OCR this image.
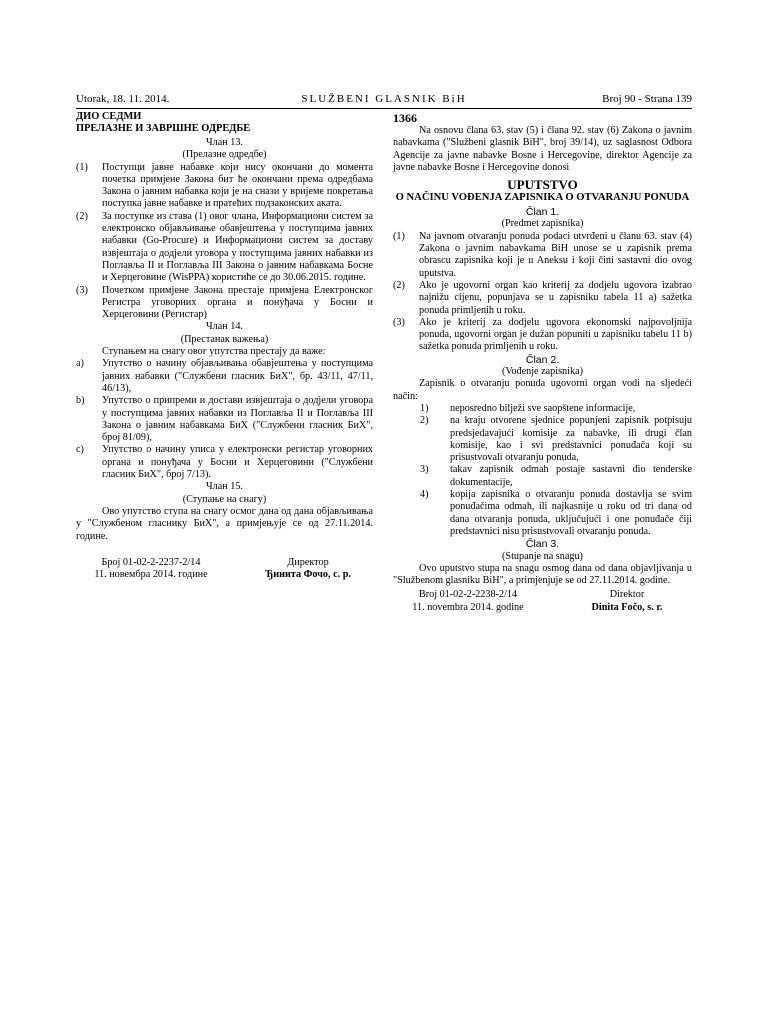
Utorak, 18. 11. 2014.	SLUŽBENI GLASNIK BiH	Broj 90 - Strana 139

ДИО СЕДМИ

ПРЕЛАЗНЕ И ЗАВРШНЕ ОДРЕДБЕ

Члан 13.

(Прелазне одредбе)

(1)	Поступци јавне набавке који нису окончани до момента почетка примјене Закона бит ће окончани према одредбама Закона о јавним набавка који је на снази у вријеме покретања поступка јавне набавке и пратећих подзаконских аката.
(2)	За поступке из става (1) овог члана, Информациони систем за електронско објављивање обавјештења у поступцима јавних набавки (Go-Procure) и Информациони систем за доставу извјештаја о додјели уговора у поступцима јавних набавки из Поглавља II и Поглавља III Закона о јавним набавкама Босне и Херцеговине (WisPPA) користиће се до 30.06.2015. године.
(3)	Почетком примјене Закона престаје примјена Електронског Регистра уговорних органа и понуђача у Босни и Херцеговини (Регистар)

Члан 14.

(Престанак важења)

Ступањем на снагу овог упутства престају да важе:

a)	Упутство о начину објављивања обавјештења у поступцима јавних набавки ("Службени гласник БиХ", бр. 43/11, 47/11, 46/13),
b)	Упутство о припреми и достави извјештаја о додјели уговора у поступцима јавних набавки из Поглавља II и Поглавља III Закона о јавним набавкама БиХ ("Службени гласник БиХ", број 81/09),
c)	Упутство о начину уписа у електронски регистар уговорних органа и понуђача у Босни и Херцеговини ("Службени гласник БиХ", број 7/13).

Члан 15.

(Ступање на снагу)

Ово упутство ступа на снагу осмог дана од дана објављивања у "Службеном гласнику БиХ", а примјењује се од 27.11.2014. године.

Број 01-02-2-2237-2/14

11. новембра 2014. године

Директор

Ђинита Фочо, с. р.

1366

Na osnovu člana 63. stav (5) i člana 92. stav (6) Zakona o javnim nabavkama ("Službeni glasnik BiH", broj 39/14), uz saglasnost Odbora Agencije za javne nabavke Bosne i Hercegovine, direktor Agencije za javne nabavke Bosne i Hercegovine donosi

UPUTSTVO

O NAČINU VOĐENJA ZAPISNIKA O OTVARANJU PONUDA

Član 1.

(Predmet zapisnika)

(1)	Na javnom otvaranju ponuda podaci utvrđeni u članu 63. stav (4) Zakona o javnim nabavkama BiH unose se u zapisnik prema obrascu zapisnika koji je u Aneksu i koji čini sastavni dio ovog uputstva.
(2)	Ako je ugovorni organ kao kriterij za dodjelu ugovora izabrao najnižu cijenu, popunjava se u zapisniku tabela 11 a) sažetka ponuda primljenih u roku.
(3)	Ako je kriterij za dodjelu ugovora ekonomski najpovoljnija ponuda, ugovorni organ je dužan popuniti u zapisniku tabelu 11 b) sažetka ponuda primljenih u roku.

Član 2.

(Vođenje zapisnika)

Zapisnik o otvaranju ponuda ugovorni organ vodi na sljedeći način:

1)	neposredno bilježi sve saopštene informacije,
2)	na kraju otvorene sjednice popunjeni zapisnik potpisuju predsjedavajući komisije za nabavke, ili drugi član komisije, kao i svi predstavnici ponuđača koji su prisustvovali otvaranju ponuda,
3)	takav zapisnik odmah postaje sastavni dio tenderske dokumentacije,
4)	kopija zapisnika o otvaranju ponuda dostavlja se svim ponuđačima odmah, ili najkasnije u roku od tri dana od dana otvaranja ponuda, uključujući i one ponuđače čiji predstavnici nisu prisustvovali otvaranju ponuda.

Član 3.

(Stupanje na snagu)

Ovo uputstvo stupa na snagu osmog dana od dana objavljivanja u "Službenom glasniku BiH", a primjenjuje se od 27.11.2014. godine.

Broj 01-02-2-2238-2/14

11. novembra 2014. godine

Direktor

Dinita Fočo, s. r.
